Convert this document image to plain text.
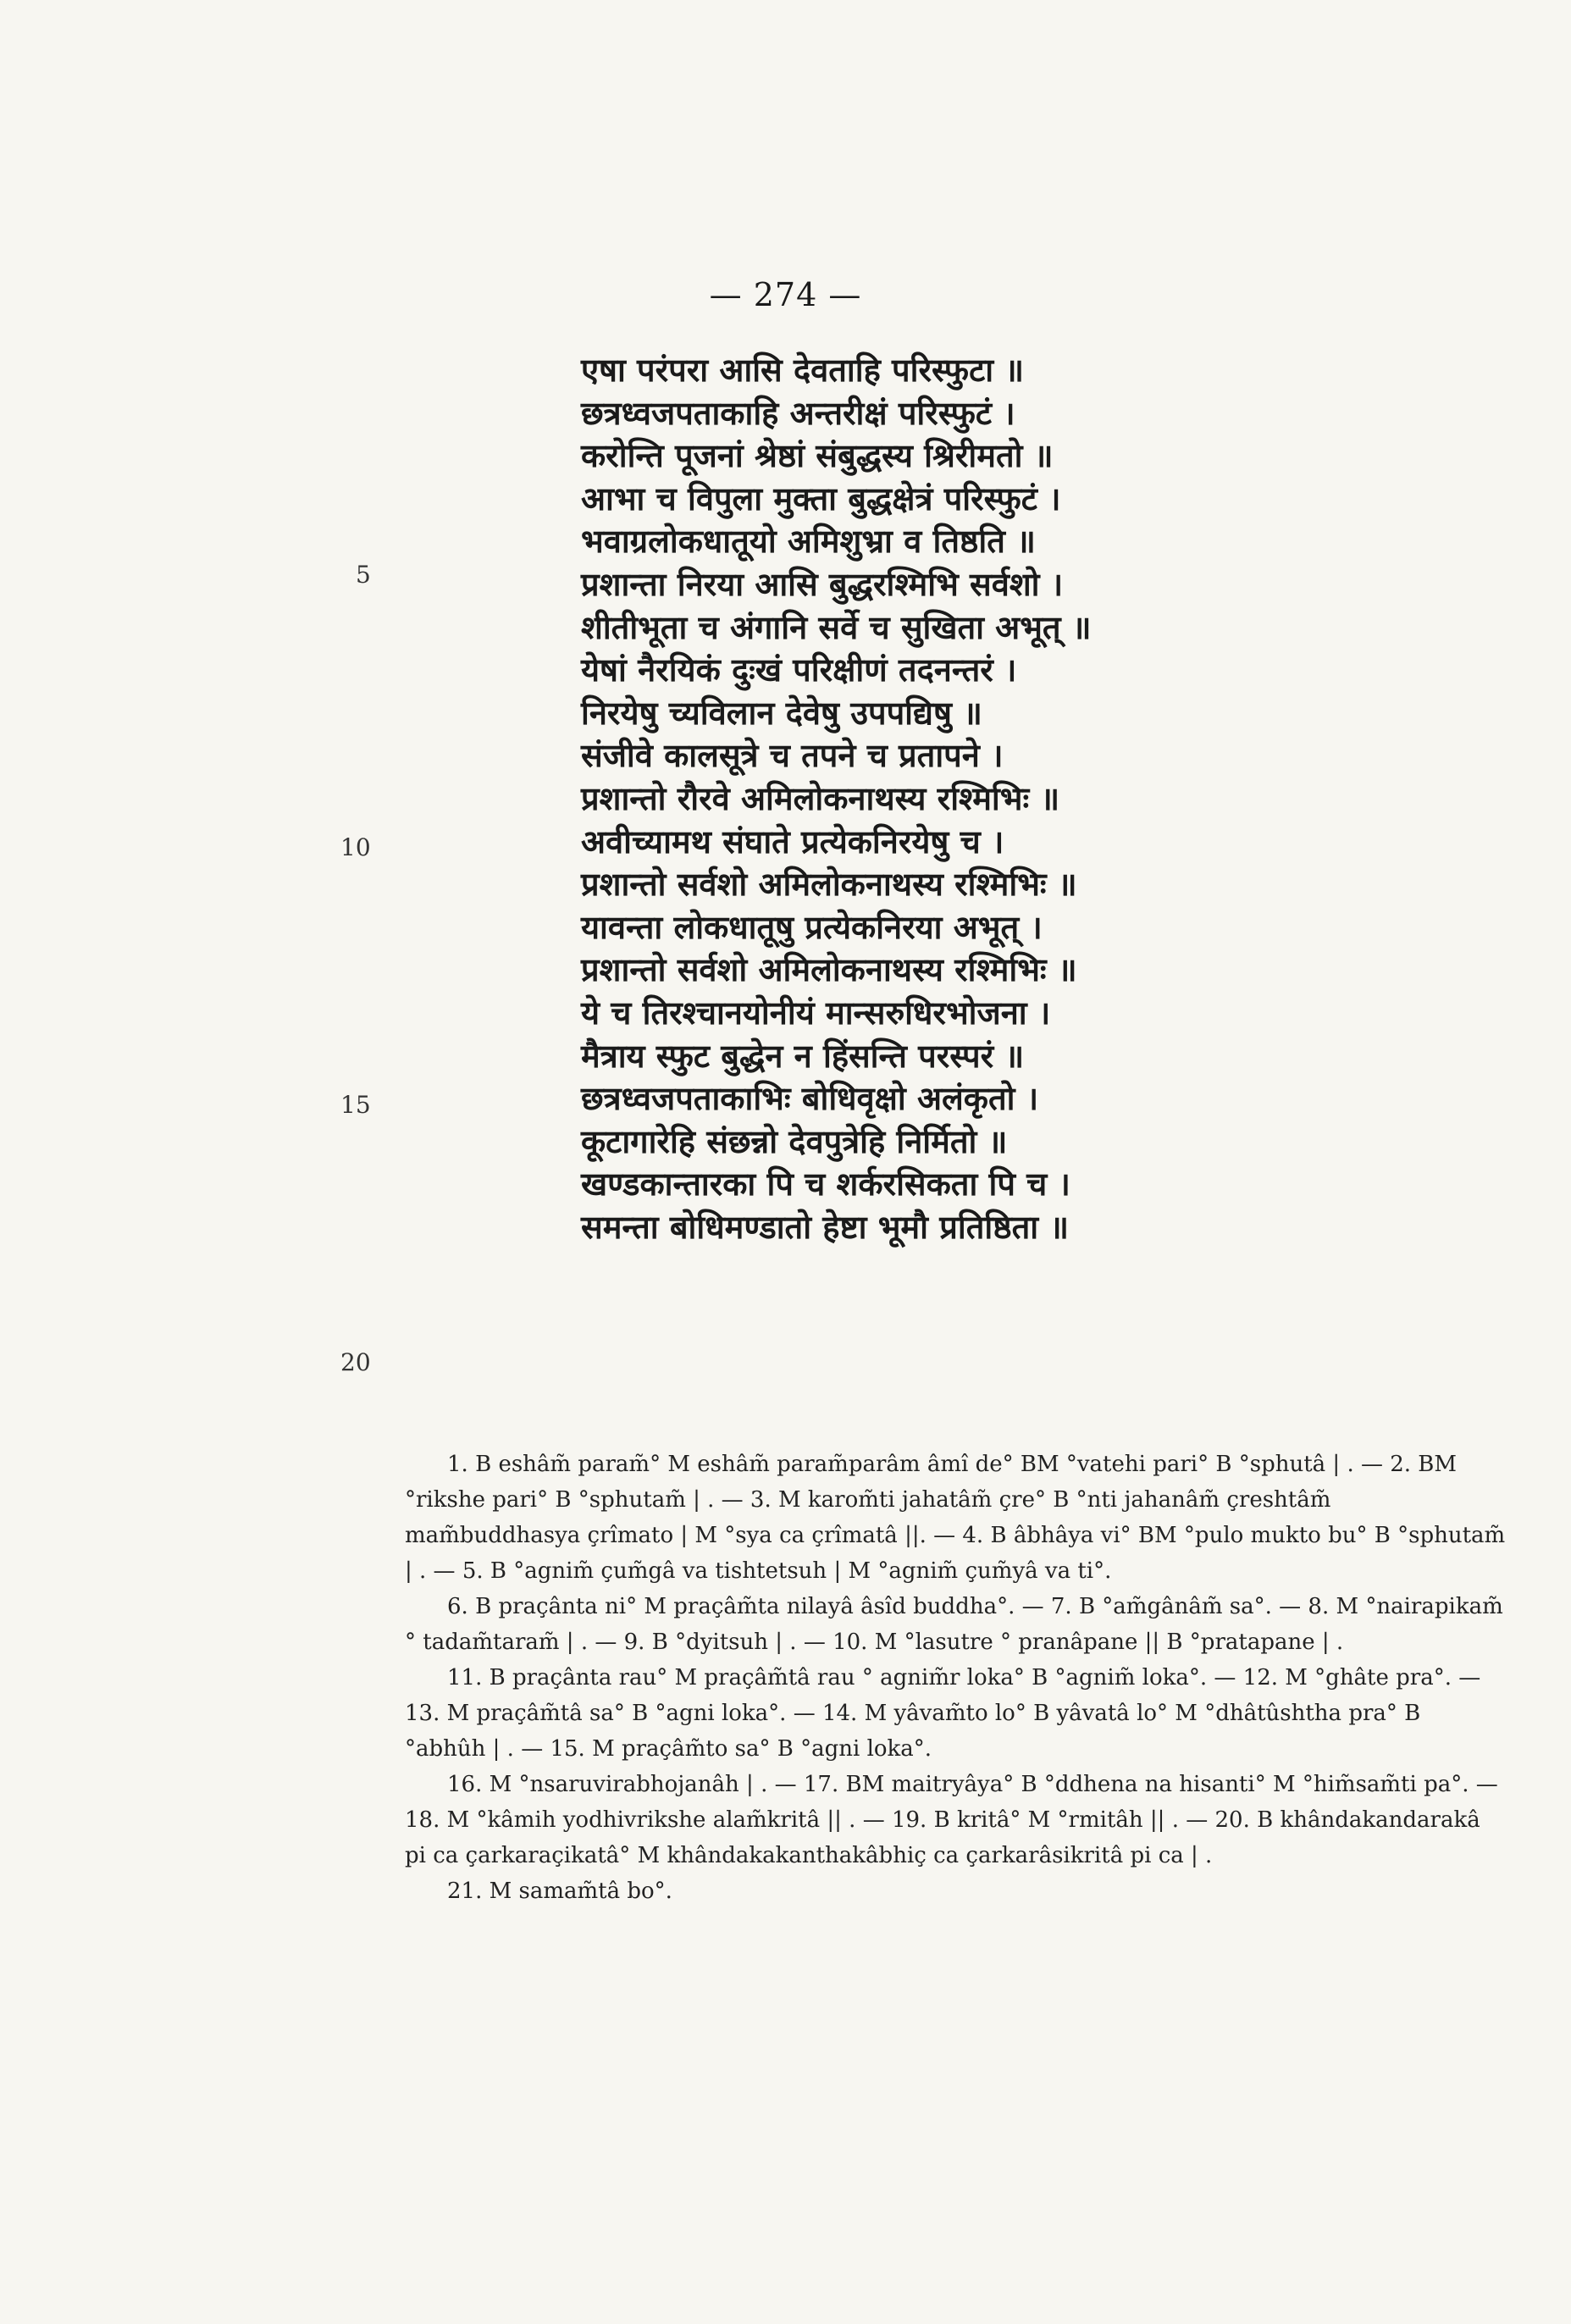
— 274 —
5
10
15
20
एषा परंपरा आसि देवताहि परिस्फुटा ॥
छत्रध्वजपताकाहि अन्तरीक्षं परिस्फुटं ।
करोन्ति पूजनां श्रेष्ठां संबुद्धस्य श्रिरीमतो ॥
आभा च विपुला मुक्ता बुद्धक्षेत्रं परिस्फुटं ।
भवाग्रलोकधातूयो अमिशुभ्रा व तिष्ठति ॥
प्रशान्ता निरया आसि बुद्धरश्मिभि सर्वशो ।
शीतीभूता च अंगानि सर्वे च सुखिता अभूत् ॥
येषां नैरयिकं दुःखं परिक्षीणं तदनन्तरं ।
निरयेषु च्यविलान देवेषु उपपद्यिषु ॥
संजीवे कालसूत्रे च तपने च प्रतापने ।
प्रशान्तो रौरवे अमिलोकनाथस्य रश्मिभिः ॥
अवीच्यामथ संघाते प्रत्येकनिरयेषु च ।
प्रशान्तो सर्वशो अमिलोकनाथस्य रश्मिभिः ॥
यावन्ता लोकधातूषु प्रत्येकनिरया अभूत् ।
प्रशान्तो सर्वशो अमिलोकनाथस्य रश्मिभिः ॥
ये च तिरश्चानयोनीयं मान्सरुधिरभोजना ।
मैत्राय स्फुट बुद्धेन न हिंसन्ति परस्परं ॥
छत्रध्वजपताकाभिः बोधिवृक्षो अलंकृतो ।
कूटागारेहि संछन्नो देवपुत्रेहि निर्मितो ॥
खण्डकान्तारका पि च शर्करसिकता पि च ।
समन्ता बोधिमण्डातो हेष्टा भूमौ प्रतिष्ठिता ॥

1. B eshâm̃ param̃° M eshâm̃ param̃parâm âmî de° BM °vatehi pari° B °sphutâ | . — 2. BM °rikshe pari° B °sphutam̃ | . — 3. M karom̃ti jahatâm̃ çre° B °nti jahanâm̃ çreshtâm̃ mam̃buddhasya çrîmato | M °sya ca çrîmatâ ||. — 4. B âbhâya vi° BM °pulo mukto bu° B °sphutam̃ | . — 5. B °agnim̃ çum̃gâ va tishtetsuh | M °agnim̃ çum̃yâ va ti°.

6. B praçânta ni° M praçâm̃ta nilayâ âsîd buddha°. — 7. B °am̃gânâm̃ sa°. — 8. M °nairapikam̃ ° tadam̃taram̃ | . — 9. B °dyitsuh | . — 10. M °lasutre ° pranâpane || B °pratapane | .

11. B praçânta rau° M praçâm̃tâ rau ° agnim̃r loka° B °agnim̃ loka°. — 12. M °ghâte pra°. — 13. M praçâm̃tâ sa° B °agni loka°. — 14. M yâvam̃to lo° B yâvatâ lo° M °dhâtûshtha pra° B °abhûh | . — 15. M praçâm̃to sa° B °agni loka°.

16. M °nsaruvirabhojanâh | . — 17. BM maitryâya° B °ddhena na hisanti° M °him̃sam̃ti pa°. — 18. M °kâmih yodhivrikshe alam̃kritâ || . — 19. B kritâ° M °rmitâh || . — 20. B khândakandarakâ pi ca çarkaraçikatâ° M khândakakanthakâbhiç ca çarkarâsikritâ pi ca | .

21. M samam̃tâ bo°.
